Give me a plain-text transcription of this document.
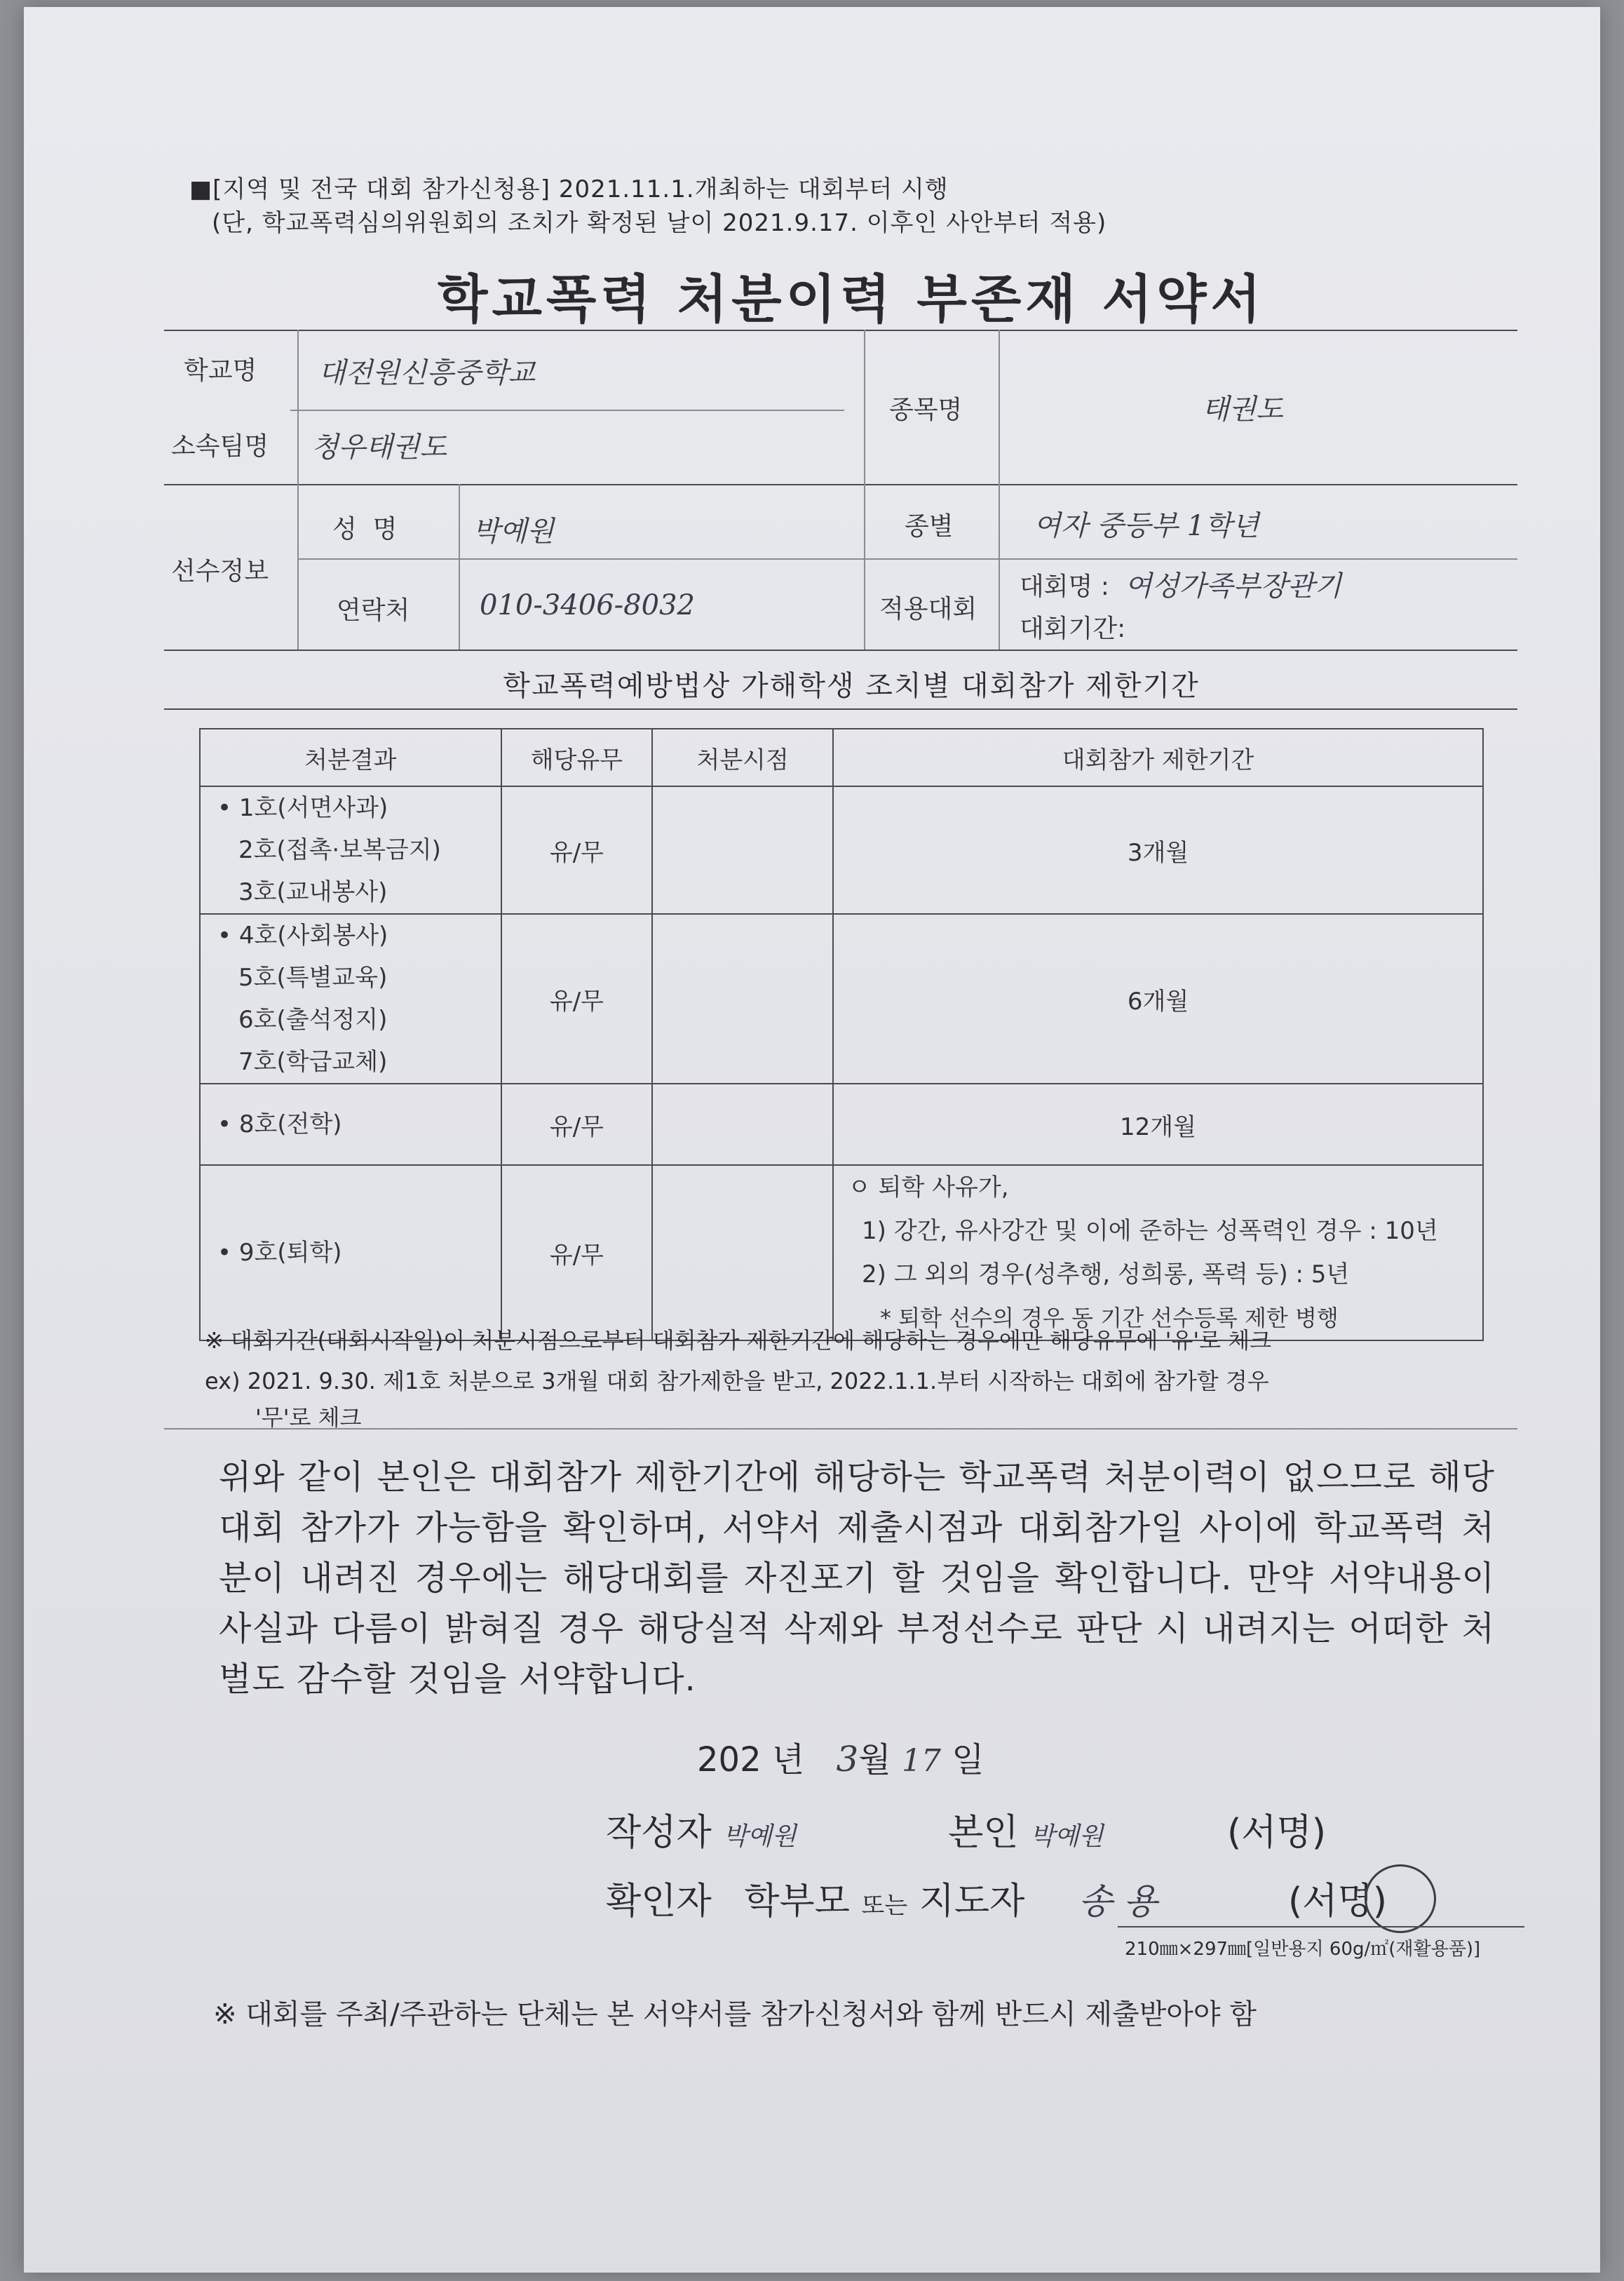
■[지역 및 전국 대회 참가신청용] 2021.11.1.개최하는 대회부터 시행
(단, 학교폭력심의위원회의 조치가 확정된 날이 2021.9.17. 이후인 사안부터 적용)
학교폭력 처분이력 부존재 서약서
학교명 대전원신흥중학교
소속팀명 청우태권도
종목명	태권도
선수정보
성  명	박예원
연락처 010-3406-8032
종별	여자 중등부 1학년
적용대회
대회명 : 여성가족부장관기
대회기간:
학교폭력예방법상 가해학생 조치별 대회참가 제한기간
처분결과	해당유무	처분시점	대회참가 제한기간

• 1호(서면사과)
2호(접촉·보복금지)
3호(교내봉사)	유/무		3개월

• 4호(사회봉사)
5호(특별교육)
6호(출석정지)
7호(학급교체)	유/무		6개월
• 8호(전학)	유/무		12개월
• 9호(퇴학)	유/무		ㅇ 퇴학 사유가,
1) 강간, 유사강간 및 이에 준하는 성폭력인 경우 : 10년
2) 그 외의 경우(성추행, 성희롱, 폭력 등) : 5년
* 퇴학 선수의 경우 동 기간 선수등록 제한 병행
※ 대회기간(대회시작일)이 처분시점으로부터 대회참가 제한기간에 해당하는 경우에만 해당유무에 '유'로 체크
ex) 2021. 9.30. 제1호 처분으로 3개월 대회 참가제한을 받고, 2022.1.1.부터 시작하는 대회에 참가할 경우
'무'로 체크
위와 같이 본인은 대회참가 제한기간에 해당하는 학교폭력 처분이력이 없으므로 해당 대회 참가가 가능함을 확인하며, 서약서 제출시점과 대회참가일 사이에 학교폭력 처분이 내려진 경우에는 해당대회를 자진포기 할 것임을 확인합니다. 만약 서약내용이 사실과 다름이 밝혀질 경우 해당실적 삭제와 부정선수로 판단 시 내려지는 어떠한 처벌도 감수할 것임을 서약합니다.
202 년 3월 17 일
작성자 박예원	본인 박예원	(서명)
확인자 학부모 또는 지도자 송 용	(서명)
210㎜×297㎜[일반용지 60g/㎡(재활용품)]
※ 대회를 주최/주관하는 단체는 본 서약서를 참가신청서와 함께 반드시 제출받아야 함
